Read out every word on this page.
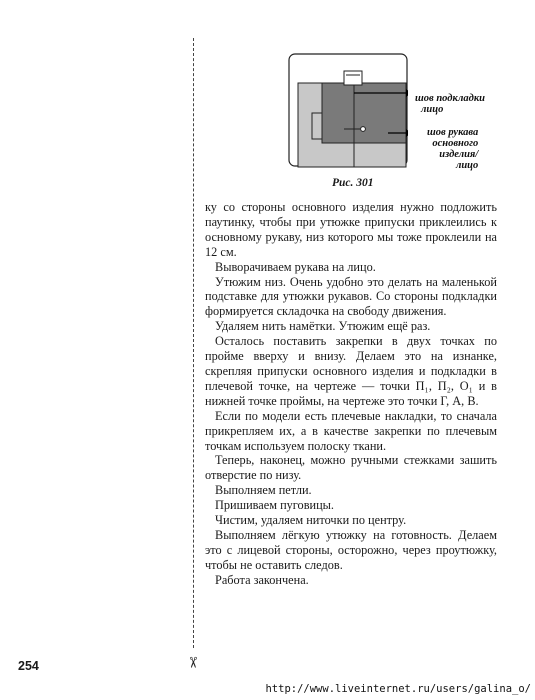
✂
шов подкладки
лицо
шов рукава
основного
изделия/
лицо
Рис. 301

ку со стороны основного изделия нужно подложить паутинку, чтобы при утюжке припуски приклеились к основному рукаву, низ которого мы тоже проклеили на 12 см.

Выворачиваем рукава на лицо.

Утюжим низ. Очень удобно это делать на маленькой подставке для утюжки рукавов. Со стороны подкладки формируется складочка на свободу движения.

Удаляем нить намётки. Утюжим ещё раз.

Осталось поставить закрепки в двух точках по пройме вверху и внизу. Делаем это на изнанке, скрепляя припуски основного изделия и подкладки в плечевой точке, на чертеже — точки П₁, П₂, О₁ и в нижней точке проймы, на чертеже это точки Г, А, В.

Если по модели есть плечевые накладки, то сначала прикрепляем их, а в качестве закрепки по плечевым точкам используем полоску ткани.

Теперь, наконец, можно ручными стежками зашить отверстие по низу.

Выполняем петли.

Пришиваем пуговицы.

Чистим, удаляем ниточки по центру.

Выполняем лёгкую утюжку на готовность. Делаем это с лицевой стороны, осторожно, через проутюжку, чтобы не оставить следов.

Работа закончена.

254
http://www.liveinternet.ru/users/galina_o/
